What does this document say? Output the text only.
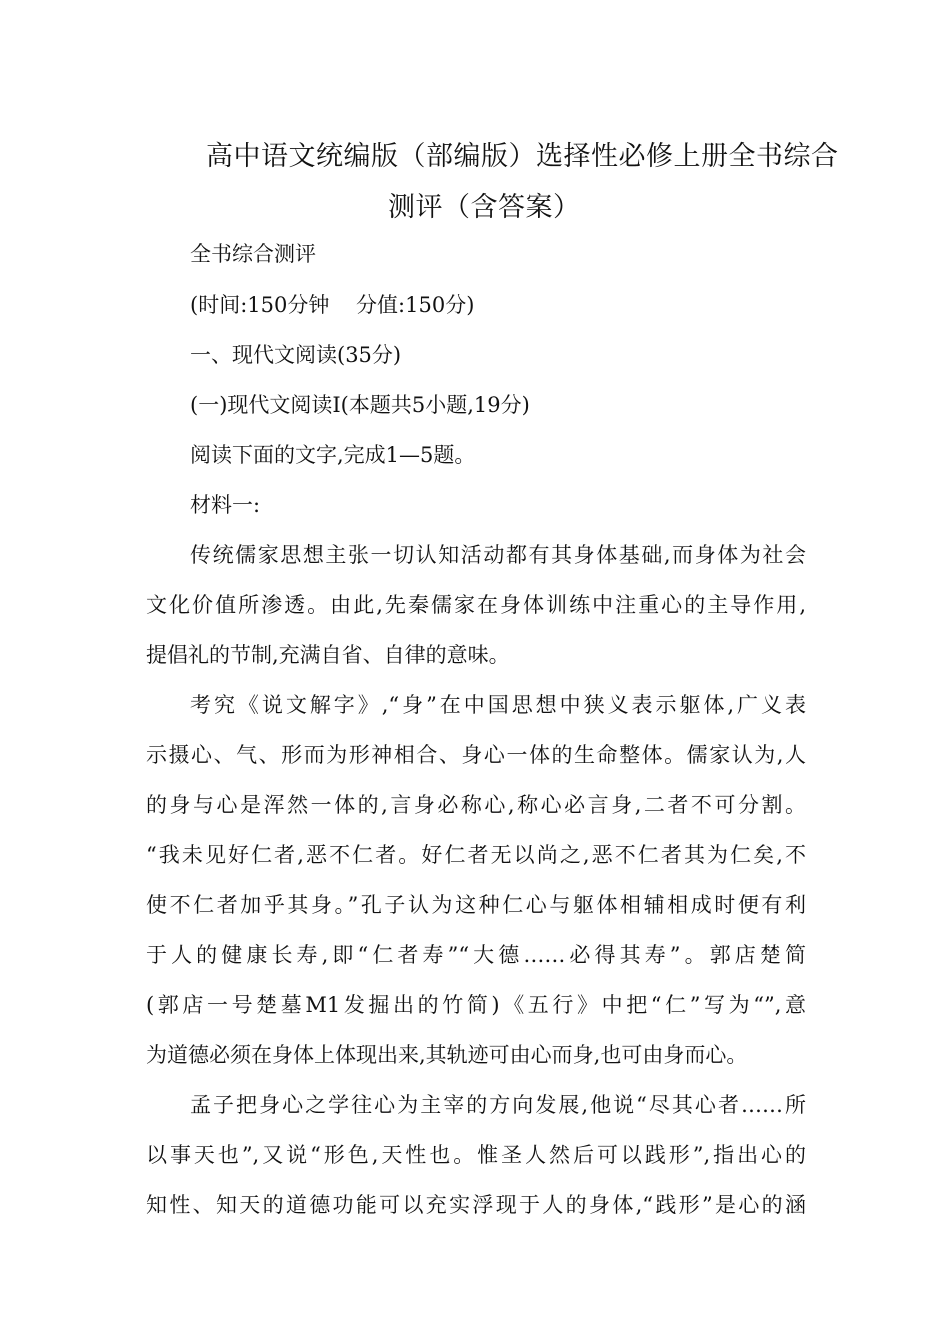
高中语文统编版（部编版）选择性必修上册全书综合
测评（含答案）
全书综合测评
(时间:150分钟    分值:150分)
一、现代文阅读(35分)
(一)现代文阅读Ⅰ(本题共5小题,19分)
阅读下面的文字,完成1—5题。
材料一:
传统儒家思想主张一切认知活动都有其身体基础,而身体为社会
文化价值所渗透。由此,先秦儒家在身体训练中注重心的主导作用,
提倡礼的节制,充满自省、自律的意味。
考究《说文解字》,“身”在中国思想中狭义表示躯体,广义表
示摄心、气、形而为形神相合、身心一体的生命整体。儒家认为,人
的身与心是浑然一体的,言身必称心,称心必言身,二者不可分割。
“我未见好仁者,恶不仁者。好仁者无以尚之,恶不仁者其为仁矣,不
使不仁者加乎其身。”孔子认为这种仁心与躯体相辅相成时便有利
于人的健康长寿,即“仁者寿”“大德……必得其寿”。郭店楚简
(郭店一号楚墓M1发掘出的竹简)《五行》中把“仁”写为“”,意
为道德必须在身体上体现出来,其轨迹可由心而身,也可由身而心。
孟子把身心之学往心为主宰的方向发展,他说“尽其心者……所
以事天也”,又说“形色,天性也。惟圣人然后可以践形”,指出心的
知性、知天的道德功能可以充实浮现于人的身体,“践形”是心的涵
